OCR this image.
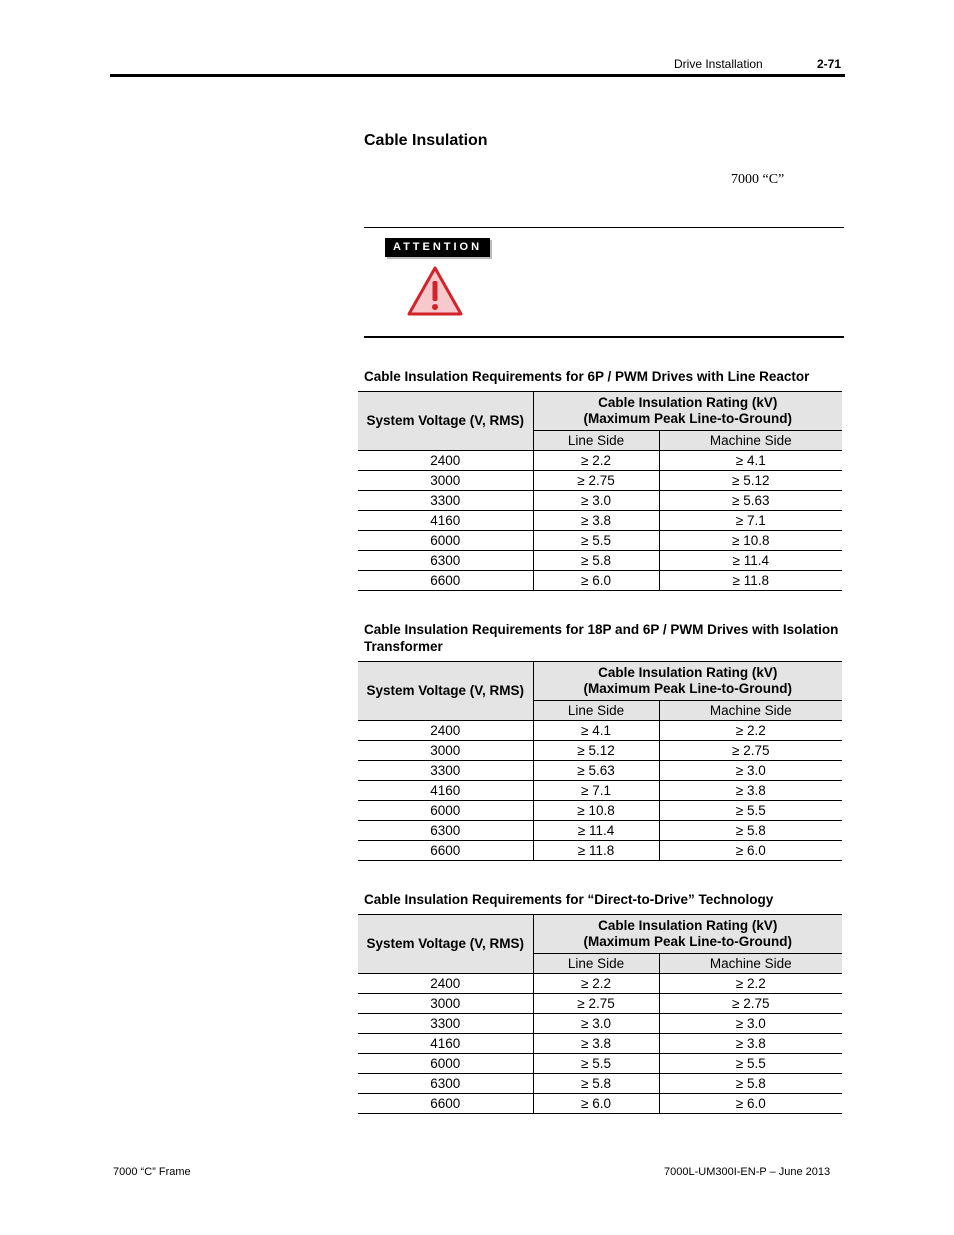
Drive Installation	2-71
Cable Insulation
7000 “C”
ATTENTION
Cable Insulation Requirements for 6P / PWM Drives with Line Reactor
System Voltage (V, RMS)	Cable Insulation Rating (kV)
(Maximum Peak Line-to-Ground)	

	Line Side	Machine Side
2400	≥ 2.2	≥ 4.1
3000	≥ 2.75	≥ 5.12
3300	≥ 3.0	≥ 5.63
4160	≥ 3.8	≥ 7.1
6000	≥ 5.5	≥ 10.8
6300	≥ 5.8	≥ 11.4
6600	≥ 6.0	≥ 11.8
Cable Insulation Requirements for 18P and 6P / PWM Drives with Isolation
Transformer
System Voltage (V, RMS)	Cable Insulation Rating (kV)
(Maximum Peak Line-to-Ground)	

	Line Side	Machine Side
2400	≥ 4.1	≥ 2.2
3000	≥ 5.12	≥ 2.75
3300	≥ 5.63	≥ 3.0
4160	≥ 7.1	≥ 3.8
6000	≥ 10.8	≥ 5.5
6300	≥ 11.4	≥ 5.8
6600	≥ 11.8	≥ 6.0
Cable Insulation Requirements for “Direct-to-Drive” Technology
System Voltage (V, RMS)	Cable Insulation Rating (kV)
(Maximum Peak Line-to-Ground)	

	Line Side	Machine Side
2400	≥ 2.2	≥ 2.2
3000	≥ 2.75	≥ 2.75
3300	≥ 3.0	≥ 3.0
4160	≥ 3.8	≥ 3.8
6000	≥ 5.5	≥ 5.5
6300	≥ 5.8	≥ 5.8
6600	≥ 6.0	≥ 6.0
7000 “C” Frame	7000L-UM300I-EN-P – June 2013
